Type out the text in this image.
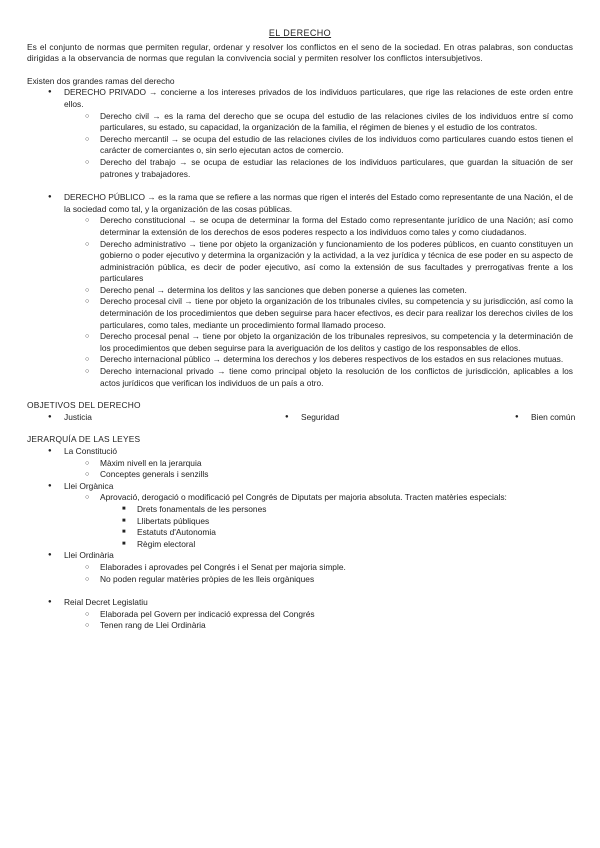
EL DERECHO

Es el conjunto de normas que permiten regular, ordenar y resolver los conflictos en el seno de la sociedad. En otras palabras, son conductas dirigidas a la observancia de normas que regulan la convivencia social y permiten resolver los conflictos intersubjetivos.

Existen dos grandes ramas del derecho

● DERECHO PRIVADO → concierne a los intereses privados de los individuos particulares, que rige las relaciones de este orden entre ellos.
○ Derecho civil → es la rama del derecho que se ocupa del estudio de las relaciones civiles de los individuos entre sí como particulares, su estado, su capacidad, la organización de la familia, el régimen de bienes y el estudio de los contratos.
○ Derecho mercantil → se ocupa del estudio de las relaciones civiles de los individuos como particulares cuando estos tienen el carácter de comerciantes o, sin serlo ejecutan actos de comercio.
○ Derecho del trabajo → se ocupa de estudiar las relaciones de los individuos particulares, que guardan la situación de ser patrones y trabajadores.
● DERECHO PÚBLICO → es la rama que se refiere a las normas que rigen el interés del Estado como representante de una Nación, el de la sociedad como tal, y la organización de las cosas públicas.
○ Derecho constitucional → se ocupa de determinar la forma del Estado como representante jurídico de una Nación; así como determinar la extensión de los derechos de esos poderes respecto a los individuos como tales y como ciudadanos.
○ Derecho administrativo → tiene por objeto la organización y funcionamiento de los poderes públicos, en cuanto constituyen un gobierno o poder ejecutivo y determina la organización y la actividad, a la vez jurídica y técnica de ese poder en su aspecto de administración pública, es decir de poder ejecutivo, así como la extensión de sus facultades y prerrogativas frente a los particulares
○ Derecho penal → determina los delitos y las sanciones que deben ponerse a quienes las cometen.
○ Derecho procesal civil → tiene por objeto la organización de los tribunales civiles, su competencia y su jurisdicción, así como la determinación de los procedimientos que deben seguirse para hacer efectivos, es decir para realizar los derechos civiles de los particulares, como tales, mediante un procedimiento formal llamado proceso.
○ Derecho procesal penal → tiene por objeto la organización de los tribunales represivos, su competencia y la determinación de los procedimientos que deben seguirse para la averiguación de los delitos y castigo de los responsables de ellos.
○ Derecho internacional público → determina los derechos y los deberes respectivos de los estados en sus relaciones mutuas.
○ Derecho internacional privado → tiene como principal objeto la resolución de los conflictos de jurisdicción, aplicables a los actos jurídicos que verifican los individuos de un país a otro.

OBJETIVOS DEL DERECHO

● Justicia	● Seguridad	● Bien común

JERARQUÍA DE LAS LEYES

● La Constitució
○ Màxim nivell en la jerarquia
○ Conceptes generals i senzills
● Llei Orgànica
○ Aprovació, derogació o modificació pel Congrés de Diputats per majoria absoluta. Tracten matèries especials:
■ Drets fonamentals de les persones
■ Llibertats públiques
■ Estatuts d'Autonomia
■ Règim electoral
● Llei Ordinària
○ Elaborades i aprovades pel Congrés i el Senat per majoria simple.
○ No poden regular matèries pròpies de les lleis orgàniques
● Reial Decret Legislatiu
○ Elaborada pel Govern per indicació expressa del Congrés
○ Tenen rang de Llei Ordinària
